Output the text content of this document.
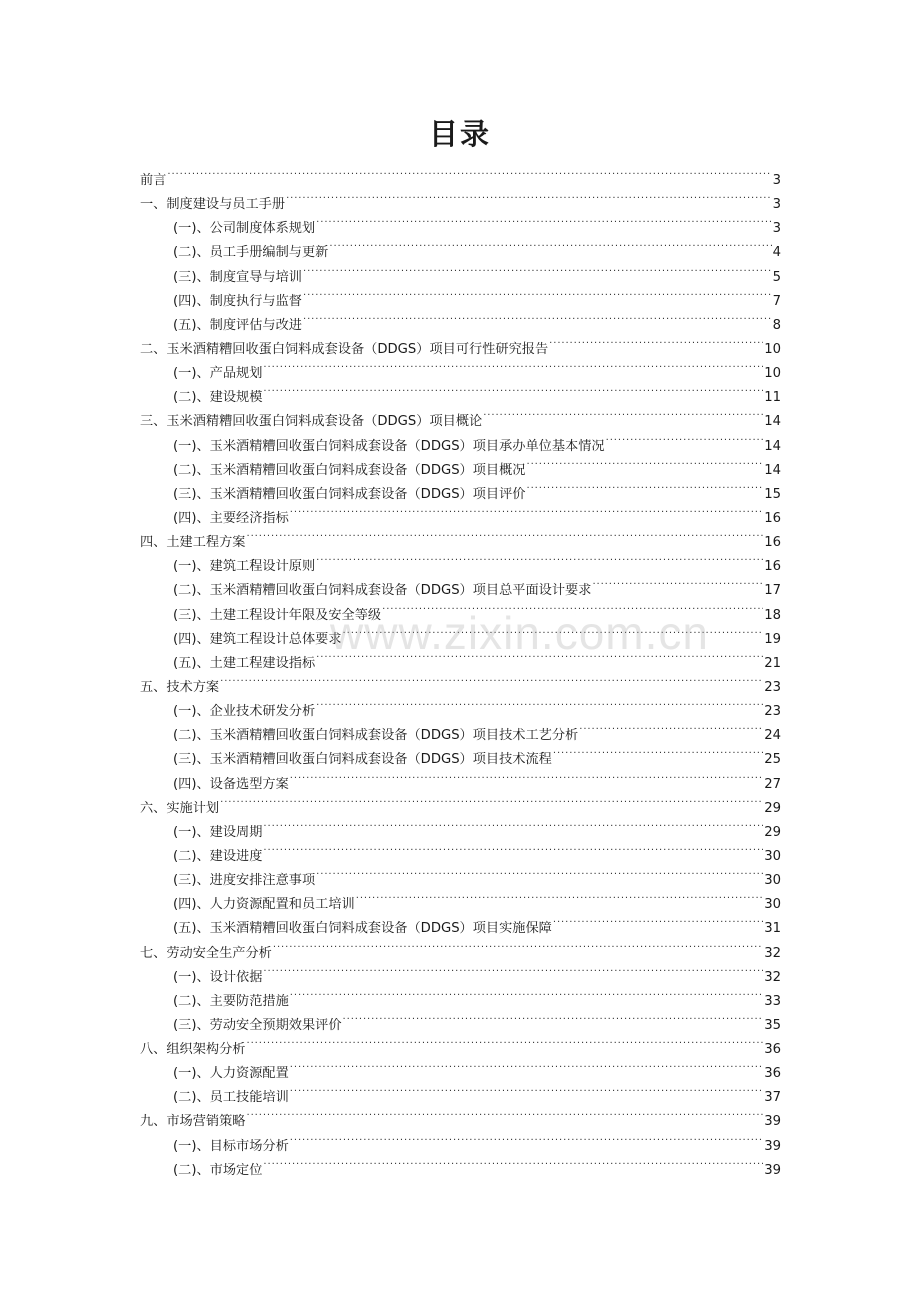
目录
前言 .....	3
一、制度建设与员工手册 .....	3
(一)、公司制度体系规划 .....	3
(二)、员工手册编制与更新 .....	4
(三)、制度宣导与培训 .....	5
(四)、制度执行与监督 .....	7
(五)、制度评估与改进 .....	8
二、玉米酒精糟回收蛋白饲料成套设备（DDGS）项目可行性研究报告 .....	10
(一)、产品规划 .....	10
(二)、建设规模 .....	11
三、玉米酒精糟回收蛋白饲料成套设备（DDGS）项目概论 .....	14
(一)、玉米酒精糟回收蛋白饲料成套设备（DDGS）项目承办单位基本情况 .....	14
(二)、玉米酒精糟回收蛋白饲料成套设备（DDGS）项目概况 .....	14
(三)、玉米酒精糟回收蛋白饲料成套设备（DDGS）项目评价 .....	15
(四)、主要经济指标 .....	16
四、土建工程方案 .....	16
(一)、建筑工程设计原则 .....	16
(二)、玉米酒精糟回收蛋白饲料成套设备（DDGS）项目总平面设计要求 .....	17
(三)、土建工程设计年限及安全等级 .....	18
(四)、建筑工程设计总体要求 .....	19
(五)、土建工程建设指标 .....	21
五、技术方案 .....	23
(一)、企业技术研发分析 .....	23
(二)、玉米酒精糟回收蛋白饲料成套设备（DDGS）项目技术工艺分析 .....	24
(三)、玉米酒精糟回收蛋白饲料成套设备（DDGS）项目技术流程 .....	25
(四)、设备选型方案 .....	27
六、实施计划 .....	29
(一)、建设周期 .....	29
(二)、建设进度 .....	30
(三)、进度安排注意事项 .....	30
(四)、人力资源配置和员工培训 .....	30
(五)、玉米酒精糟回收蛋白饲料成套设备（DDGS）项目实施保障 .....	31
七、劳动安全生产分析 .....	32
(一)、设计依据 .....	32
(二)、主要防范措施 .....	33
(三)、劳动安全预期效果评价 .....	35
八、组织架构分析 .....	36
(一)、人力资源配置 .....	36
(二)、员工技能培训 .....	37
九、市场营销策略 .....	39
(一)、目标市场分析 .....	39
(二)、市场定位 .....	39
www.zixin.com.cn
